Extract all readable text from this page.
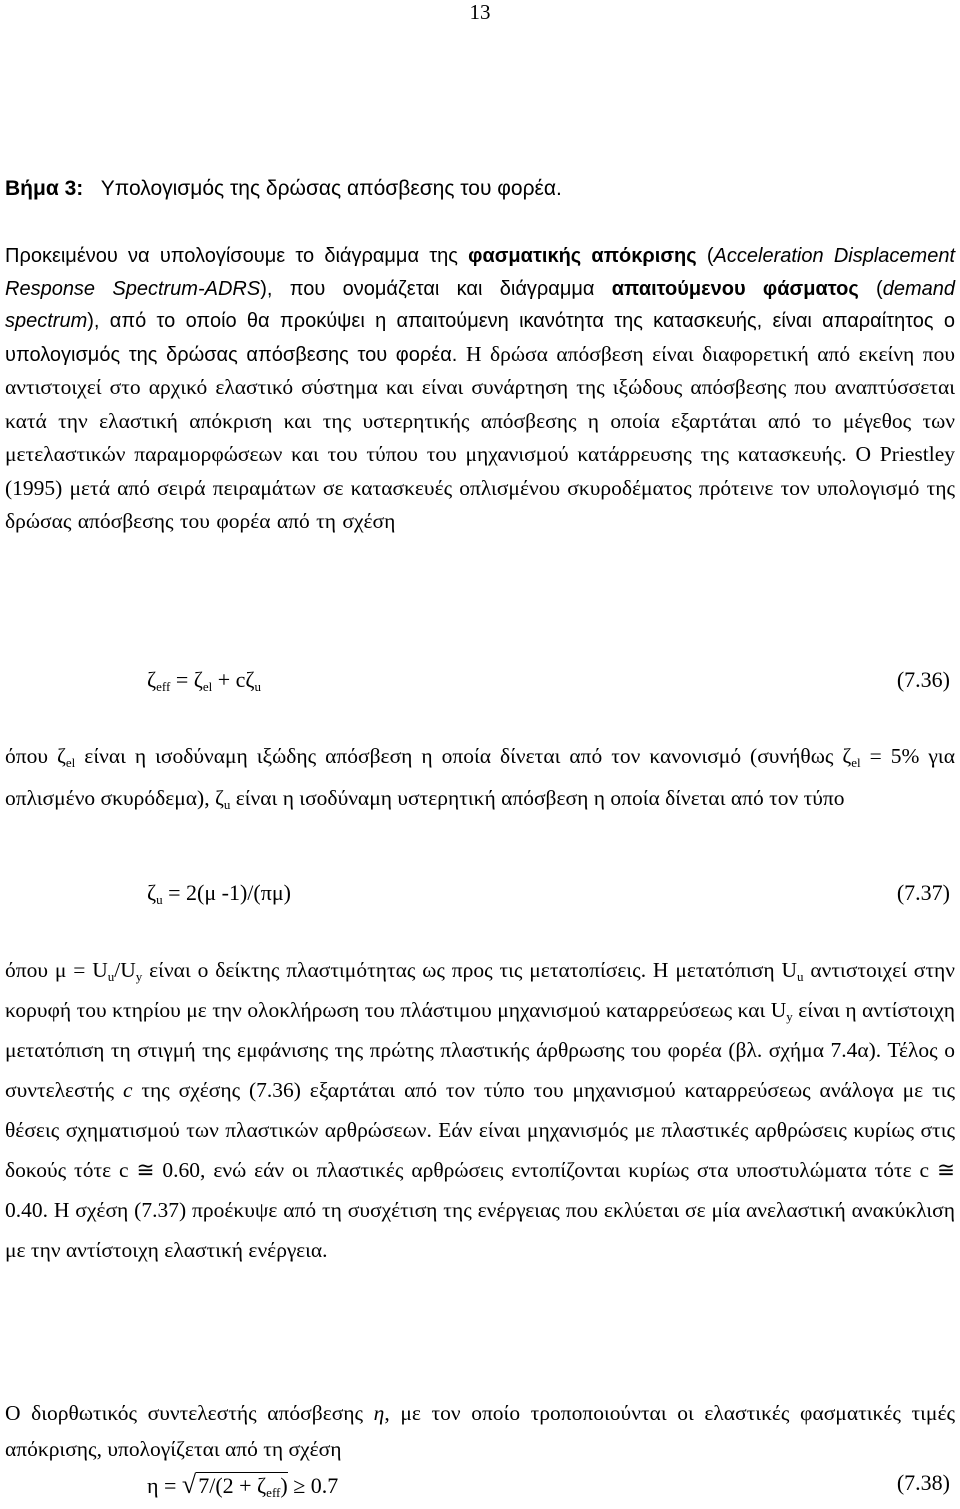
13
Βήμα 3: Υπολογισμός της δρώσας απόσβεσης του φορέα.

Προκειμένου να υπολογίσουμε το διάγραμμα της φασματικής απόκρισης (Acceleration Displacement Response Spectrum-ADRS), που ονομάζεται και διάγραμμα απαιτούμενου φάσματος (demand spectrum), από το οποίο θα προκύψει η απαιτούμενη ικανότητα της κατασκευής, είναι απαραίτητος ο υπολογισμός της δρώσας απόσβεσης του φορέα. Η δρώσα απόσβεση είναι διαφορετική από εκείνη που αντιστοιχεί στο αρχικό ελαστικό σύστημα και είναι συνάρτηση της ιξώδους απόσβεσης που αναπτύσσεται κατά την ελαστική απόκριση και της υστερητικής απόσβεσης η οποία εξαρτάται από το μέγεθος των μετελαστικών παραμορφώσεων και του τύπου του μηχανισμού κατάρρευσης της κατασκευής. Ο Priestley (1995) μετά από σειρά πειραμάτων σε κατασκευές οπλισμένου σκυροδέματος πρότεινε τον υπολογισμό της δρώσας απόσβεσης του φορέα από τη σχέση

$\zeta_{eff} = \zeta_{el} + c\zeta_u$	(7.36)

όπου $\zeta_{el}$ είναι η ισοδύναμη ιξώδης απόσβεση η οποία δίνεται από τον κανονισμό (συνήθως $\zeta_{el} = 5\%$ για οπλισμένο σκυρόδεμα), $\zeta_u$ είναι η ισοδύναμη υστερητική απόσβεση η οποία δίνεται από τον τύπο

$\zeta_u = 2(\mu$ -1)/(πμ)	(7.37)

όπου $\mu = U_u/U_y$ είναι ο δείκτης πλαστιμότητας ως προς τις μετατοπίσεις. Η μετατόπιση $U_u$ αντιστοιχεί στην κορυφή του κτηρίου με την ολοκλήρωση του πλάστιμου μηχανισμού καταρρεύσεως και $U_y$ είναι η αντίστοιχη μετατόπιση τη στιγμή της εμφάνισης της πρώτης πλαστικής άρθρωσης του φορέα (βλ. σχήμα 7.4α). Τέλος ο συντελεστής c της σχέσης (7.36) εξαρτάται από τον τύπο του μηχανισμού καταρρεύσεως ανάλογα με τις θέσεις σχηματισμού των πλαστικών αρθρώσεων. Εάν είναι μηχανισμός με πλαστικές αρθρώσεις κυρίως στις δοκούς τότε c ≅ 0.60, ενώ εάν οι πλαστικές αρθρώσεις εντοπίζονται κυρίως στα υποστυλώματα τότε c ≅ 0.40. Η σχέση (7.37) προέκυψε από τη συσχέτιση της ενέργειας που εκλύεται σε μία ανελαστική ανακύκλιση με την αντίστοιχη ελαστική ενέργεια.

Ο διορθωτικός συντελεστής απόσβεσης η, με τον οποίο τροποποιούνται οι ελαστικές φασματικές τιμές απόκρισης, υπολογίζεται από τη σχέση

$\eta = √7/(2 + \zeta_{eff}) \ge 0.7$	(7.38)
